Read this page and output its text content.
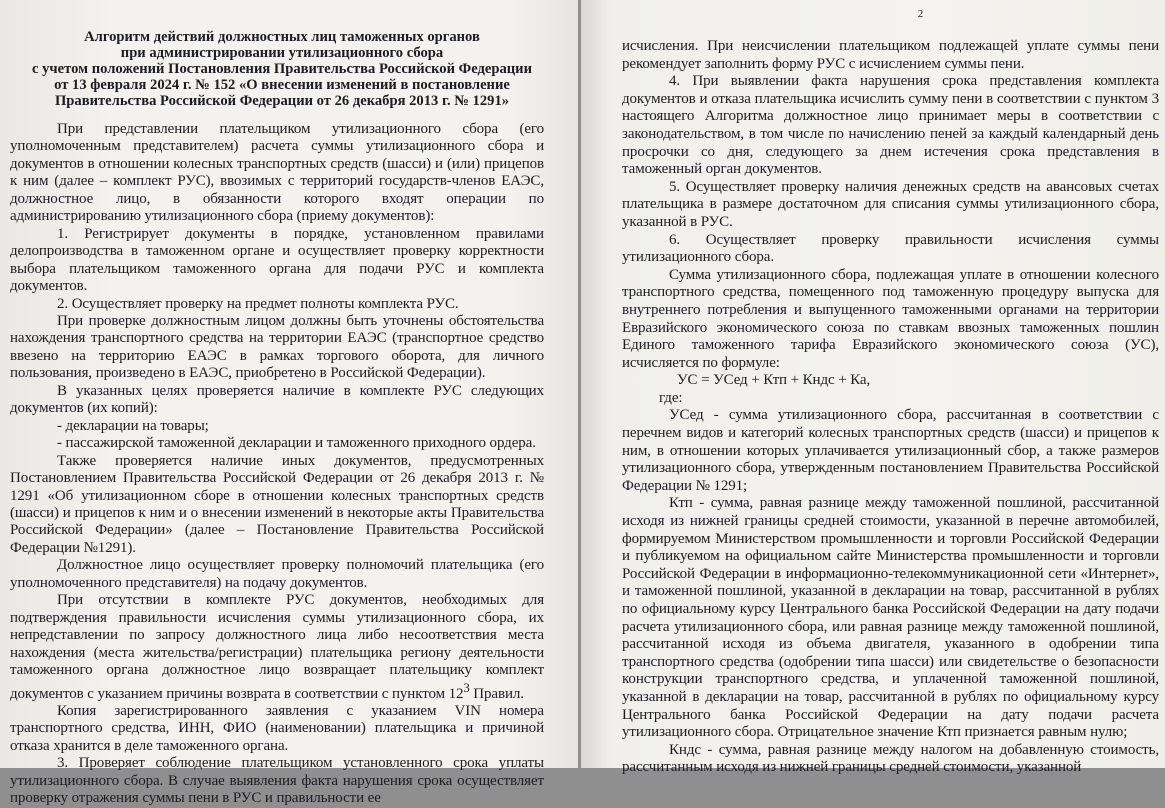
Алгоритм действий должностных лиц таможенных органов
при администрировании утилизационного сбора
с учетом положений Постановления Правительства Российской Федерации
от 13 февраля 2024 г. № 152 «О внесении изменений в постановление
Правительства Российской Федерации от 26 декабря 2013 г. № 1291»

При представлении плательщиком утилизационного сбора (его уполномоченным представителем) расчета суммы утилизационного сбора и документов в отношении колесных транспортных средств (шасси) и (или) прицепов к ним (далее – комплект РУС), ввозимых с территорий государств-членов ЕАЭС, должностное лицо, в обязанности которого входят операции по администрированию утилизационного сбора (приему документов):

1. Регистрирует документы в порядке, установленном правилами делопроизводства в таможенном органе и осуществляет проверку корректности выбора плательщиком таможенного органа для подачи РУС и комплекта документов.

2. Осуществляет проверку на предмет полноты комплекта РУС.

При проверке должностным лицом должны быть уточнены обстоятельства нахождения транспортного средства на территории ЕАЭС (транспортное средство ввезено на территорию ЕАЭС в рамках торгового оборота, для личного пользования, произведено в ЕАЭС, приобретено в Российской Федерации).

В указанных целях проверяется наличие в комплекте РУС следующих документов (их копий):

- декларации на товары;

- пассажирской таможенной декларации и таможенного приходного ордера.

Также проверяется наличие иных документов, предусмотренных Постановлением Правительства Российской Федерации от 26 декабря 2013 г. № 1291 «Об утилизационном сборе в отношении колесных транспортных средств (шасси) и прицепов к ним и о внесении изменений в некоторые акты Правительства Российской Федерации» (далее – Постановление Правительства Российской Федерации №1291).

Должностное лицо осуществляет проверку полномочий плательщика (его уполномоченного представителя) на подачу документов.

При отсутствии в комплекте РУС документов, необходимых для подтверждения правильности исчисления суммы утилизационного сбора, их непредставлении по запросу должностного лица либо несоответствия места нахождения (места жительства/регистрации) плательщика региону деятельности таможенного органа должностное лицо возвращает плательщику комплект документов с указанием причины возврата в соответствии с пунктом $12^3$ Правил.

Копия зарегистрированного заявления с указанием VIN номера транспортного средства, ИНН, ФИО (наименовании) плательщика и причиной отказа хранится в деле таможенного органа.

3. Проверяет соблюдение плательщиком установленного срока уплаты утилизационного сбора. В случае выявления факта нарушения срока осуществляет проверку отражения суммы пени в РУС и правильности ее

2

исчисления. При неисчислении плательщиком подлежащей уплате суммы пени рекомендует заполнить форму РУС с исчислением суммы пени.

4. При выявлении факта нарушения срока представления комплекта документов и отказа плательщика исчислить сумму пени в соответствии с пунктом 3 настоящего Алгоритма должностное лицо принимает меры в соответствии с законодательством, в том числе по начислению пеней за каждый календарный день просрочки со дня, следующего за днем истечения срока представления в таможенный орган документов.

5. Осуществляет проверку наличия денежных средств на авансовых счетах плательщика в размере достаточном для списания суммы утилизационного сбора, указанной в РУС.

6. Осуществляет проверку правильности исчисления суммы утилизационного сбора.

Сумма утилизационного сбора, подлежащая уплате в отношении колесного транспортного средства, помещенного под таможенную процедуру выпуска для внутреннего потребления и выпущенного таможенными органами на территории Евразийского экономического союза по ставкам ввозных таможенных пошлин Единого таможенного тарифа Евразийского экономического союза (УС), исчисляется по формуле:

УС = УСед + Ктп + Кндс + Ка,

где:

УСед - сумма утилизационного сбора, рассчитанная в соответствии с перечнем видов и категорий колесных транспортных средств (шасси) и прицепов к ним, в отношении которых уплачивается утилизационный сбор, а также размеров утилизационного сбора, утвержденным постановлением Правительства Российской Федерации № 1291;

Ктп - сумма, равная разнице между таможенной пошлиной, рассчитанной исходя из нижней границы средней стоимости, указанной в перечне автомобилей, формируемом Министерством промышленности и торговли Российской Федерации и публикуемом на официальном сайте Министерства промышленности и торговли Российской Федерации в информационно-телекоммуникационной сети «Интернет», и таможенной пошлиной, указанной в декларации на товар, рассчитанной в рублях по официальному курсу Центрального банка Российской Федерации на дату подачи расчета утилизационного сбора, или равная разнице между таможенной пошлиной, рассчитанной исходя из объема двигателя, указанного в одобрении типа транспортного средства (одобрении типа шасси) или свидетельстве о безопасности конструкции транспортного средства, и уплаченной таможенной пошлиной, указанной в декларации на товар, рассчитанной в рублях по официальному курсу Центрального банка Российской Федерации на дату подачи расчета утилизационного сбора. Отрицательное значение Ктп признается равным нулю;

Кндс - сумма, равная разнице между налогом на добавленную стоимость, рассчитанным исходя из нижней границы средней стоимости, указанной
